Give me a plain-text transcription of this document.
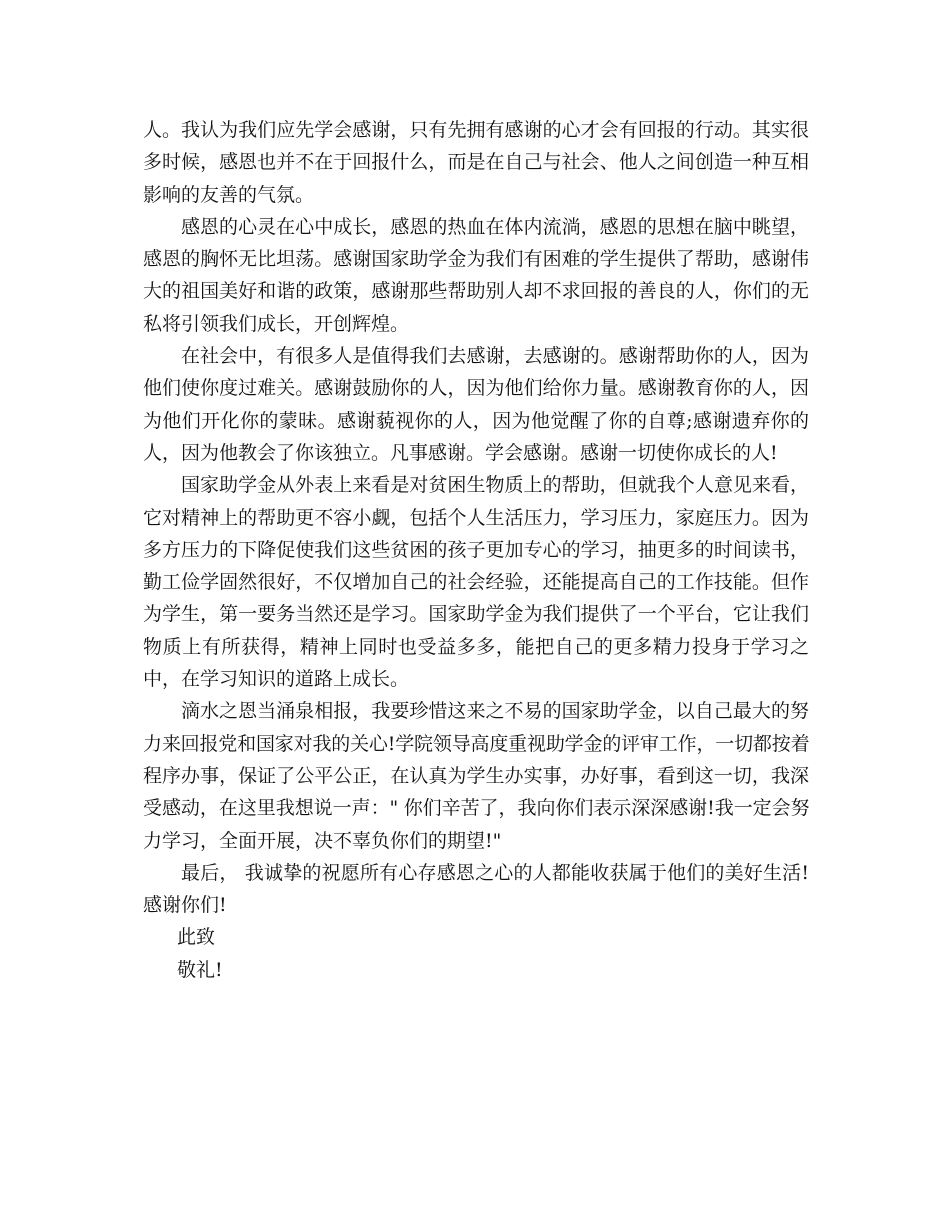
人。我认为我们应先学会感谢，只有先拥有感谢的心才会有回报的行动。其实很
多时候，感恩也并不在于回报什么，而是在自己与社会、他人之间创造一种互相
影响的友善的气氛。
感恩的心灵在心中成长，感恩的热血在体内流淌，感恩的思想在脑中眺望，
感恩的胸怀无比坦荡。感谢国家助学金为我们有困难的学生提供了帮助，感谢伟
大的祖国美好和谐的政策，感谢那些帮助别人却不求回报的善良的人，你们的无
私将引领我们成长，开创辉煌。
在社会中，有很多人是值得我们去感谢，去感谢的。感谢帮助你的人，因为
他们使你度过难关。感谢鼓励你的人，因为他们给你力量。感谢教育你的人，因
为他们开化你的蒙昧。感谢藐视你的人，因为他觉醒了你的自尊;感谢遗弃你的
人，因为他教会了你该独立。凡事感谢。学会感谢。感谢一切使你成长的人!
国家助学金从外表上来看是对贫困生物质上的帮助，但就我个人意见来看，
它对精神上的帮助更不容小觑，包括个人生活压力，学习压力，家庭压力。因为
多方压力的下降促使我们这些贫困的孩子更加专心的学习，抽更多的时间读书，
勤工俭学固然很好，不仅增加自己的社会经验，还能提高自己的工作技能。但作
为学生，第一要务当然还是学习。国家助学金为我们提供了一个平台，它让我们
物质上有所获得，精神上同时也受益多多，能把自己的更多精力投身于学习之
中，在学习知识的道路上成长。
滴水之恩当涌泉相报，我要珍惜这来之不易的国家助学金，以自己最大的努
力来回报党和国家对我的关心!学院领导高度重视助学金的评审工作，一切都按着
程序办事，保证了公平公正，在认真为学生办实事，办好事，看到这一切，我深
受感动，在这里我想说一声：" 你们辛苦了，我向你们表示深深感谢!我一定会努
力学习，全面开展，决不辜负你们的期望!"
最后， 我诚挚的祝愿所有心存感恩之心的人都能收获属于他们的美好生活!
感谢你们!
此致
敬礼!
